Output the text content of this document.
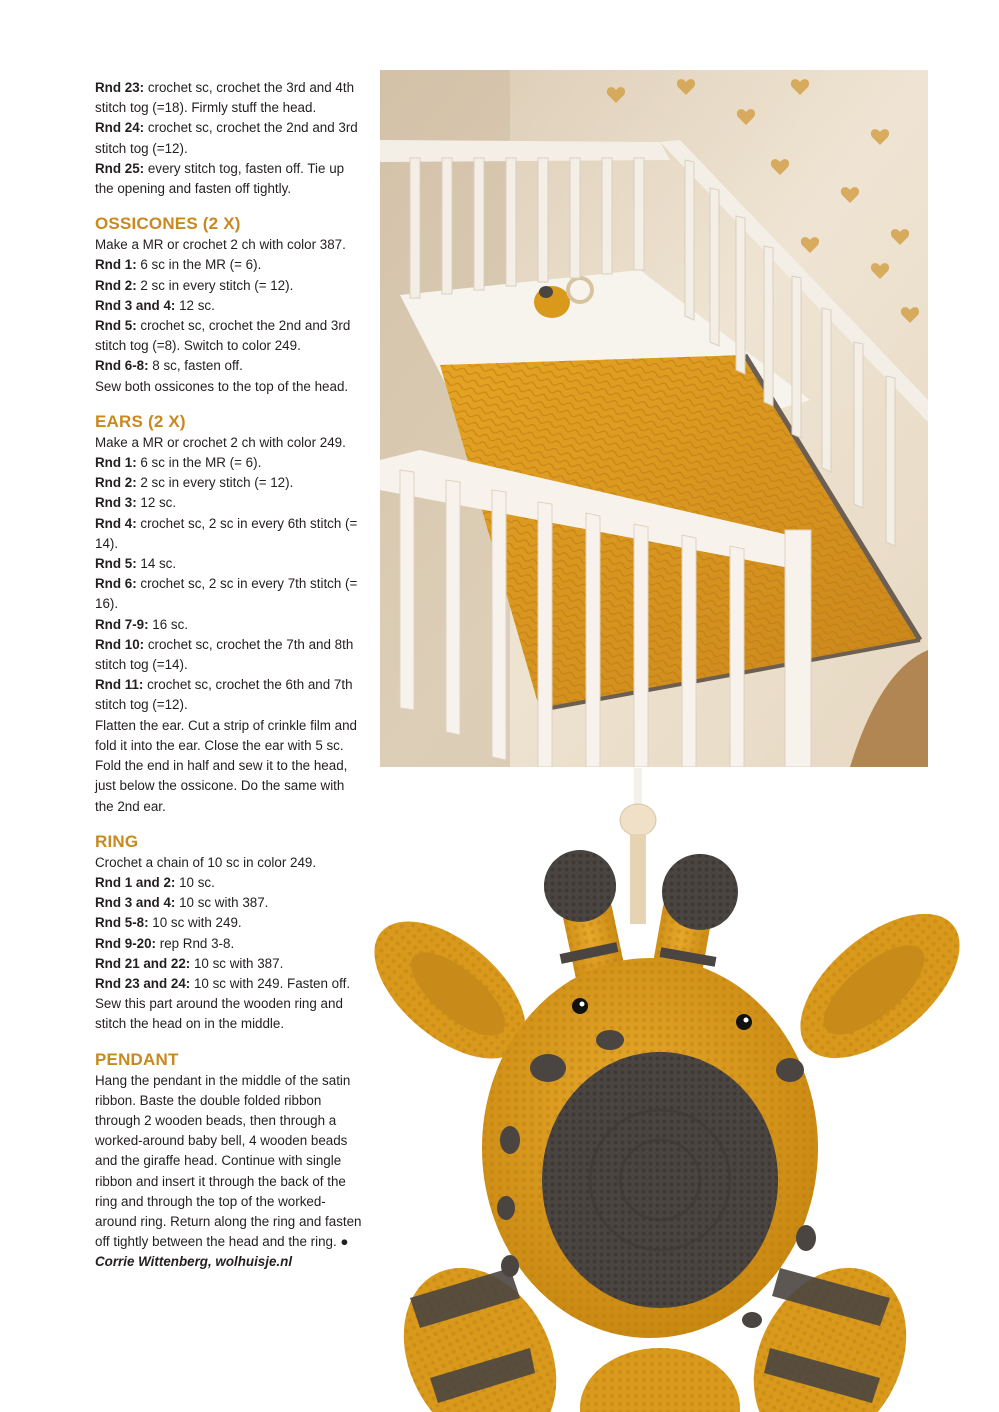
Rnd 23: crochet sc, crochet the 3rd and 4th stitch tog (=18). Firmly stuff the head.

Rnd 24: crochet sc, crochet the 2nd and 3rd stitch tog (=12).

Rnd 25: every stitch tog, fasten off. Tie up the opening and fasten off tightly.

OSSICONES (2 X)

Make a MR or crochet 2 ch with color 387.

Rnd 1: 6 sc in the MR (= 6).

Rnd 2: 2 sc in every stitch (= 12).

Rnd 3 and 4: 12 sc.

Rnd 5: crochet sc, crochet the 2nd and 3rd stitch tog (=8). Switch to color 249.

Rnd 6-8: 8 sc, fasten off.

Sew both ossicones to the top of the head.

EARS (2 X)

Make a MR or crochet 2 ch with color 249.

Rnd 1: 6 sc in the MR (= 6).

Rnd 2: 2 sc in every stitch (= 12).

Rnd 3: 12 sc.

Rnd 4: crochet sc, 2 sc in every 6th stitch (= 14).

Rnd 5: 14 sc.

Rnd 6: crochet sc, 2 sc in every 7th stitch (= 16).

Rnd 7-9: 16 sc.

Rnd 10: crochet sc, crochet the 7th and 8th stitch tog (=14).

Rnd 11: crochet sc, crochet the 6th and 7th stitch tog (=12).

Flatten the ear. Cut a strip of crinkle film and fold it into the ear. Close the ear with 5 sc. Fold the end in half and sew it to the head, just below the ossicone. Do the same with the 2nd ear.

RING

Crochet a chain of 10 sc in color 249.

Rnd 1 and 2: 10 sc.

Rnd 3 and 4: 10 sc with 387.

Rnd 5-8: 10 sc with 249.

Rnd 9-20: rep Rnd 3-8.

Rnd 21 and 22: 10 sc with 387.

Rnd 23 and 24: 10 sc with 249. Fasten off.

Sew this part around the wooden ring and stitch the head on in the middle.

PENDANT

Hang the pendant in the middle of the satin ribbon. Baste the double folded ribbon through 2 wooden beads, then through a worked-around baby bell, 4 wooden beads and the giraffe head. Continue with single ribbon and insert it through the back of the ring and through the top of the worked-around ring. Return along the ring and fasten off tightly between the head and the ring. ●

Corrie Wittenberg, wolhuisje.nl
